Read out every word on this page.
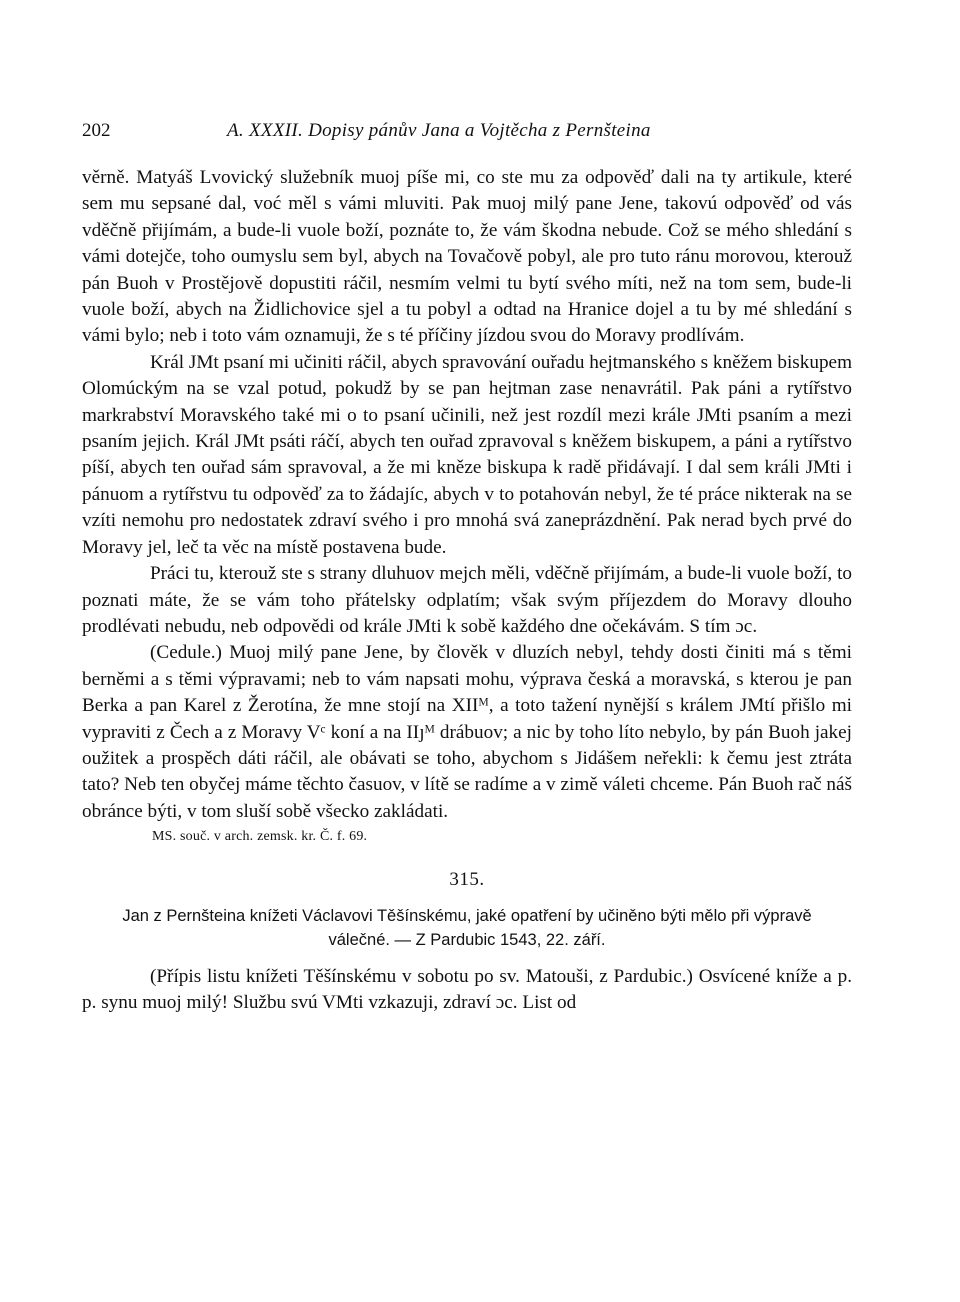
202	A. XXXII. Dopisy pánův Jana a Vojtěcha z Pernšteina

věrně. Matyáš Lvovický služebník muoj píše mi, co ste mu za odpověď dali na ty artikule, které sem mu sepsané dal, voć měl s vámi mluviti. Pak muoj milý pane Jene, takovú odpověď od vás vděčně přijímám, a bude-li vuole boží, poznáte to, že vám škodna nebude. Což se mého shledání s vámi dotejče, toho oumyslu sem byl, abych na Tovačově pobyl, ale pro tuto ránu morovou, kterouž pán Buoh v Prostějově dopustiti ráčil, nesmím velmi tu bytí svého míti, než na tom sem, bude-li vuole boží, abych na Židlichovice sjel a tu pobyl a odtad na Hranice dojel a tu by mé shledání s vámi bylo; neb i toto vám oznamuji, že s té příčiny jízdou svou do Moravy prodlívám.

Král JMt psaní mi učiniti ráčil, abych spravování ouřadu hejtmanského s kněžem biskupem Olomúckým na se vzal potud, pokudž by se pan hejtman zase nenavrátil. Pak páni a rytířstvo markrabství Moravského také mi o to psaní učinili, než jest rozdíl mezi krále JMti psaním a mezi psaním jejich. Král JMt psáti ráčí, abych ten ouřad zpravoval s kněžem biskupem, a páni a rytířstvo píší, abych ten ouřad sám spravoval, a že mi kněze biskupa k radě přidávají. I dal sem králi JMti i pánuom a rytířstvu tu odpověď za to žádajíc, abych v to potahován nebyl, že té práce nikterak na se vzíti nemohu pro nedostatek zdraví svého i pro mnohá svá zaneprázdnění. Pak nerad bych prvé do Moravy jel, leč ta věc na místě postavena bude.

Práci tu, kterouž ste s strany dluhuov mejch měli, vděčně přijímám, a bude-li vuole boží, to poznati máte, že se vám toho přátelsky odplatím; však svým příjezdem do Moravy dlouho prodlévati nebudu, neb odpovědi od krále JMti k sobě každého dne očekávám. S tím ɔc.

(Cedule.) Muoj milý pane Jene, by člověk v dluzích nebyl, tehdy dosti činiti má s těmi berněmi a s těmi výpravami; neb to vám napsati mohu, výprava česká a moravská, s kterou je pan Berka a pan Karel z Žerotína, že mne stojí na XIIᴹ, a toto tažení nynější s králem JMtí přišlo mi vypraviti z Čech a z Moravy Vᶜ koní a na IIȷᴹ drábuov; a nic by toho líto nebylo, by pán Buoh jakej oužitek a prospěch dáti ráčil, ale obávati se toho, abychom s Jidášem neřekli: k čemu jest ztráta tato? Neb ten obyčej máme těchto časuov, v lítě se radíme a v zimě váleti chceme. Pán Buoh rač náš obránce býti, v tom sluší sobě všecko zakládati.

MS. souč. v arch. zemsk. kr. Č. f. 69.
315.
Jan z Pernšteina knížeti Václavovi Těšínskému, jaké opatření by učiněno býti mělo při výpravě válečné. — Z Pardubic 1543, 22. září.

(Přípis listu knížeti Těšínskému v sobotu po sv. Matouši, z Pardubic.) Osvícené kníže a p. p. synu muoj milý! Službu svú VMti vzkazuji, zdraví ɔc. List od
